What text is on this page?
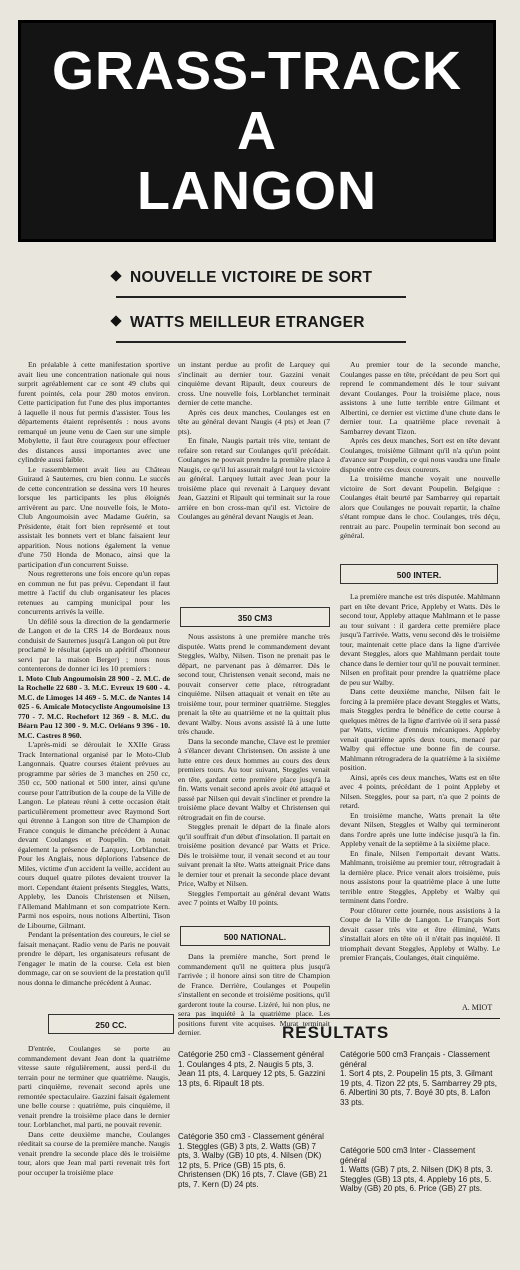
GRASS-TRACK
A
LANGON
NOUVELLE VICTOIRE DE SORT
WATTS MEILLEUR ETRANGER

En préalable à cette manifestation sportive avait lieu une concentration nationale qui nous surprit agréablement car ce sont 49 clubs qui furent pointés, cela pour 280 motos environ. Cette participation fut l'une des plus importantes à laquelle il nous fut permis d'assister. Tous les départements étaient représentés : nous avons remarqué un jeune venu de Caen sur une simple Mobylette, il faut être courageux pour effectuer des distances aussi importantes avec une cylindrée aussi faible.

Le rassemblement avait lieu au Château Guiraud à Sauternes, cru bien connu. Le succès de cette concentration se dessina vers 10 heures lorsque les participants les plus éloignés arrivèrent au parc. Une nouvelle fois, le Moto-Club Angoumoisin avec Madame Guérin, sa Présidente, était fort bien représenté et tout assistait les bonnets vert et blanc faisaient leur apparition. Nous notions également la venue d'une 750 Honda de Monaco, ainsi que la participation d'un concurrent Suisse.

Nous regretterons une fois encore qu'un repas en commun ne fut pas prévu. Cependant il faut mettre à l'actif du club organisateur les places retenues au camping municipal pour les concurrents arrivés la veille.

Un défilé sous la direction de la gendarmerie de Langon et de la CRS 14 de Bordeaux nous conduisit de Sauternes jusqu'à Langon où put être proclamé le résultat (après un apéritif d'honneur servi par la maison Berger) ; nous nous contenterons de donner ici les 10 premiers :

1. Moto Club Angoumoisin 28 900 - 2. M.C. de la Rochelle 22 680 - 3. M.C. Evreux 19 600 - 4. M.C. de Limoges 14 469 - 5. M.C. de Nantes 14 025 - 6. Amicale Motocycliste Angoumoisine 13 770 - 7. M.C. Rochefort 12 369 - 8. M.C. du Béarn Pau 12 300 - 9. M.C. Orléans 9 396 - 10. M.C. Castres 8 960.

L'après-midi se déroulait le XXIIe Grass Track International organisé par le Moto-Club Langonnais. Quatre courses étaient prévues au programme par séries de 3 manches en 250 cc, 350 cc, 500 national et 500 inter, ainsi qu'une course pour l'attribution de la coupe de la Ville de Langon. Le plateau réuni à cette occasion était particulièrement prometteur avec Raymond Sort qui étrenne à Langon son titre de Champion de France conquis le dimanche précédent à Aunac devant Coulanges et Poupelin. On notait également la présence de Larquey, Lorblanchet. Pour les Anglais, nous déplorions l'absence de Miles, victime d'un accident la veille, accident au cours duquel quatre pilotes devaient trouver la mort. Cependant étaient présents Steggles, Watts, Appleby, les Danois Christensen et Nilsen, l'Allemand Mahlmann et son compatriote Kern. Parmi nos espoirs, nous notions Albertini, Tison de Libourne, Gilmant.

Pendant la présentation des coureurs, le ciel se faisait menaçant. Radio venu de Paris ne pouvait prendre le départ, les organisateurs refusant de l'engager le matin de la course. Cela est bien dommage, car on se souvient de la prestation qu'il nous donna le dimanche précédent à Aunac.

250 CC.

D'entrée, Coulanges se porte au commandement devant Jean dont la quatrième vitesse saute régulièrement, aussi perd-il du terrain pour ne terminer que quatrième. Naugis, parti cinquième, revenait second après une remontée spectaculaire. Gazzini faisait également une belle course : quatrième, puis cinquième, il venait prendre la troisième place dans le dernier tour. Lorblanchet, mal parti, ne pouvait revenir.

Dans cette deuxième manche, Coulanges réeditait sa course de la première manche. Naugis venait prendre la seconde place dès le troisième tour, alors que Jean mal parti revenait très fort pour occuper la troisième place

un instant perdue au profit de Larquey qui s'inclinait au dernier tour. Gazzini venait cinquième devant Ripault, deux coureurs de cross. Une nouvelle fois, Lorblanchet terminait dernier de cette manche.

Après ces deux manches, Coulanges est en tête au général devant Naugis (4 pts) et Jean (7 pts).

En finale, Naugis partait très vite, tentant de refaire son retard sur Coulanges qu'il précédait. Coulanges ne pouvait prendre la première place à Naugis, ce qu'il lui assurait malgré tout la victoire au général. Larquey luttait avec Jean pour la troisième place qui revenait à Larquey devant Jean, Gazzini et Ripault qui terminait sur la roue arrière en bon cross-man qu'il est. Victoire de Coulanges au général devant Naugis et Jean.

350 CM3

Nous assistons à une première manche très disputée. Watts prend le commandement devant Steggles, Walby, Nilsen. Tison ne prenait pas le départ, ne parvenant pas à démarrer. Dès le second tour, Christensen venait second, mais ne pouvait conserver cette place, rétrogradant cinquième. Nilsen attaquait et venait en tête au troisième tour, pour terminer quatrième. Steggles prenait la tête au quatrième et ne la quittait plus devant Walby. Nous avons assisté là à une lutte très chaude.

Dans la seconde manche, Clave est le premier à s'élancer devant Christensen. On assiste à une lutte entre ces deux hommes au cours des deux premiers tours. Au tour suivant, Steggles venait en tête, gardant cette première place jusqu'à la fin. Watts venait second après avoir été attaqué et passé par Nilsen qui devait s'incliner et prendre la troisième place devant Walby et Christensen qui rétrogradait en fin de course.

Steggles prenait le départ de la finale alors qu'il souffrait d'un début d'insolation. Il partait en troisième position devancé par Watts et Price. Dès le troisième tour, il venait second et au tour suivant prenait la tête. Watts atteignait Price dans le dernier tour et prenait la seconde place devant Price, Walby et Nilsen.

Steggles l'emportait au général devant Watts avec 7 points et Walby 10 points.

500 NATIONAL.

Dans la première manche, Sort prend le commandement qu'il ne quittera plus jusqu'à l'arrivée ; il honore ainsi son titre de Champion de France. Derrière, Coulanges et Poupelin s'installent en seconde et troisième positions, qu'il garderont toute la course. Lizéré, lui non plus, ne sera pas inquiété à la quatrième place. Les positions furent vite acquises. Murat terminait dernier.

Au premier tour de la seconde manche, Coulanges passe en tête, précédant de peu Sort qui reprend le commandement dès le tour suivant devant Coulanges. Pour la troisième place, nous assistons à une lutte terrible entre Gilmant et Albertini, ce dernier est victime d'une chute dans le dernier tour. La quatrième place revenait à Sambarrey devant Tizon.

Après ces deux manches, Sort est en tête devant Coulanges, troisième Gilmant qu'il n'a qu'un point d'avance sur Poupelin, ce qui nous vaudra une finale disputée entre ces deux coureurs.

La troisième manche voyait une nouvelle victoire de Sort devant Poupelin. Belgique : Coulanges était beurté par Sambarrey qui repartait alors que Coulanges ne pouvait repartir, la chaîne s'étant rompue dans le choc. Coulanges, très déçu, rentrait au parc. Poupelin terminait bon second au général.

500 INTER.

La première manche est très disputée. Mahlmann part en tête devant Price, Appleby et Watts. Dès le second tour, Appleby attaque Mahlmann et le passe au tour suivant : il gardera cette première place jusqu'à l'arrivée. Watts, venu second dès le troisième tour, maintenait cette place dans la ligne d'arrivée devant Steggles, alors que Mahlmann perdait toute chance dans le dernier tour qu'il ne pouvait terminer. Nilsen en profitait pour prendre la quatrième place de peu sur Walby.

Dans cette deuxième manche, Nilsen fait le forcing à la première place devant Steggles et Watts, mais Steggles perdra le bénéfice de cette course à quelques mètres de la ligne d'arrivée où il sera passé par Watts, victime d'ennuis mécaniques. Appleby venait quatrième après deux tours, menacé par Walby qui effectue une bonne fin de course. Mahlmann rétrogradera de la quatrième à la sixième position.

Ainsi, après ces deux manches, Watts est en tête avec 4 points, précédant de 1 point Appleby et Nilsen. Steggles, pour sa part, n'a que 2 points de retard.

En troisième manche, Watts prenait la tête devant Nilsen, Steggles et Walby qui termineront dans l'ordre après une lutte indécise jusqu'à la fin. Appleby venait de la septième à la sixième place.

En finale, Nilsen l'emportait devant Watts. Mahlmann, troisième au premier tour, rétrogradait à la dernière place. Price venait alors troisième, puis nous assistons pour la quatrième place à une lutte terrible entre Steggles, Appleby et Walby qui terminent dans l'ordre.

Pour clôturer cette journée, nous assistions à la Coupe de la Ville de Langon. Le Français Sort devait casser très vite et être éliminé, Watts s'installait alors en tête où il n'était pas inquiété. Il triomphait devant Steggles, Appleby et Walby. Le premier Français, Coulanges, était cinquième.

A. MIOT
RESULTATS
Catégorie 250 cm3 - Classement général
1. Coulanges 4 pts, 2. Naugis 5 pts, 3. Jean 11 pts, 4. Larquey 12 pts, 5. Gazzini 13 pts, 6. Ripault 18 pts.
Catégorie 350 cm3 - Classement général
1. Steggles (GB) 3 pts, 2. Watts (GB) 7 pts, 3. Walby (GB) 10 pts, 4. Nilsen (DK) 12 pts, 5. Price (GB) 15 pts, 6. Christensen (DK) 16 pts, 7. Clave (GB) 21 pts, 7. Kern (D) 24 pts.
Catégorie 500 cm3 Français - Classement général
1. Sort 4 pts, 2. Poupelin 15 pts, 3. Gilmant 19 pts, 4. Tizon 22 pts, 5. Sambarrey 29 pts, 6. Albertini 30 pts, 7. Boyé 30 pts, 8. Lafon 33 pts.
Catégorie 500 cm3 Inter - Classement général
1. Watts (GB) 7 pts, 2. Nilsen (DK) 8 pts, 3. Steggles (GB) 13 pts, 4. Appleby 16 pts, 5. Walby (GB) 20 pts, 6. Price (GB) 27 pts.
